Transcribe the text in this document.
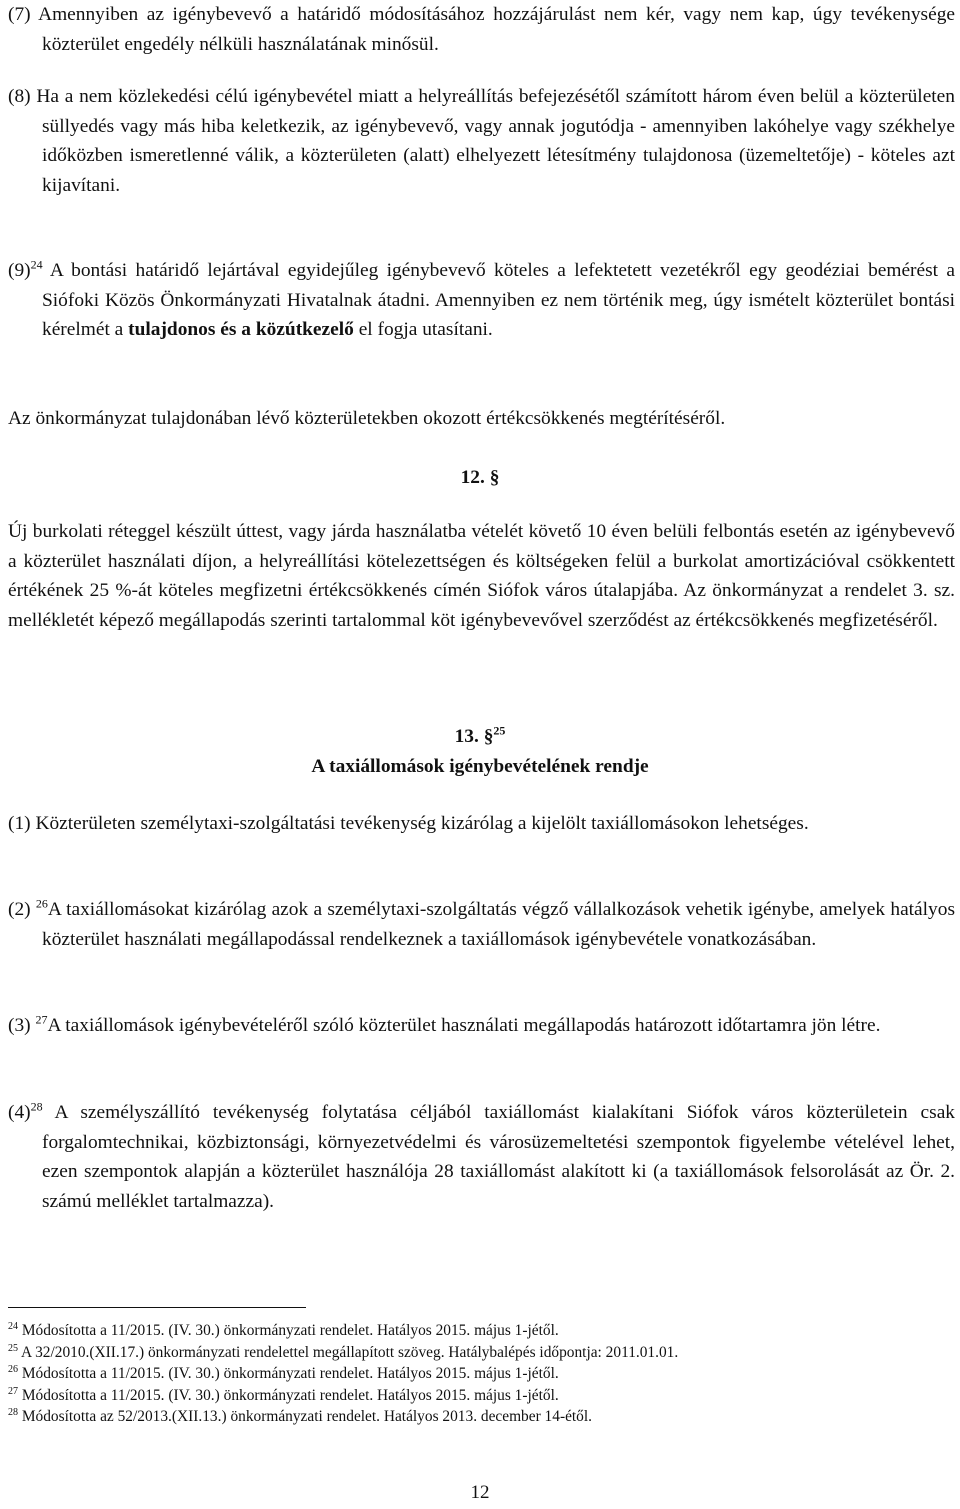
(7) Amennyiben az igénybevevő a határidő módosításához hozzájárulást nem kér, vagy nem kap, úgy tevékenysége közterület engedély nélküli használatának minősül.
(8) Ha a nem közlekedési célú igénybevétel miatt a helyreállítás befejezésétől számított három éven belül a közterületen süllyedés vagy más hiba keletkezik, az igénybevevő, vagy annak jogutódja - amennyiben lakóhelye vagy székhelye időközben ismeretlenné válik, a közterületen (alatt) elhelyezett létesítmény tulajdonosa (üzemeltetője) - köteles azt kijavítani.
$(9)^{24}$ A bontási határidő lejártával egyidejűleg igénybevevő köteles a lefektetett vezetékről egy geodéziai bemérést a Siófoki Közös Önkormányzati Hivatalnak átadni. Amennyiben ez nem történik meg, úgy ismételt közterület bontási kérelmét a tulajdonos és a közútkezelő el fogja utasítani.
Az önkormányzat tulajdonában lévő közterületekben okozott értékcsökkenés megtérítéséről.
12. §
Új burkolati réteggel készült úttest, vagy járda használatba vételét követő 10 éven belüli felbontás esetén az igénybevevő a közterület használati díjon, a helyreállítási kötelezettségen és költségeken felül a burkolat amortizációval csökkentett értékének 25 %-át köteles megfizetni értékcsökkenés címén Siófok város útalapjába. Az önkormányzat a rendelet 3. sz. mellékletét képező megállapodás szerinti tartalommal köt igénybevevővel szerződést az értékcsökkenés megfizetéséről.
13. §$^{25}$
A taxiállomások igénybevételének rendje
(1) Közterületen személytaxi-szolgáltatási tevékenység kizárólag a kijelölt taxiállomásokon lehetséges.
(2) $^{26}$A taxiállomásokat kizárólag azok a személytaxi-szolgáltatás végző vállalkozások vehetik igénybe, amelyek hatályos közterület használati megállapodással rendelkeznek a taxiállomások igénybevétele vonatkozásában.
(3) $^{27}$A taxiállomások igénybevételéről szóló közterület használati megállapodás határozott időtartamra jön létre.
$(4)^{28}$ A személyszállító tevékenység folytatása céljából taxiállomást kialakítani Siófok város közterületein csak forgalomtechnikai, közbiztonsági, környezetvédelmi és városüzemeltetési szempontok figyelembe vételével lehet, ezen szempontok alapján a közterület használója 28 taxiállomást alakított ki (a taxiállomások felsorolását az Ör. 2. számú melléklet tartalmazza).
$^{24}$ Módosította a 11/2015. (IV. 30.) önkormányzati rendelet. Hatályos 2015. május 1-jétől.
$^{25}$ A 32/2010.(XII.17.) önkormányzati rendelettel megállapított szöveg. Hatálybalépés időpontja: 2011.01.01.
$^{26}$ Módosította a 11/2015. (IV. 30.) önkormányzati rendelet. Hatályos 2015. május 1-jétől.
$^{27}$ Módosította a 11/2015. (IV. 30.) önkormányzati rendelet. Hatályos 2015. május 1-jétől.
$^{28}$ Módosította az 52/2013.(XII.13.) önkormányzati rendelet. Hatályos 2013. december 14-étől.
12
